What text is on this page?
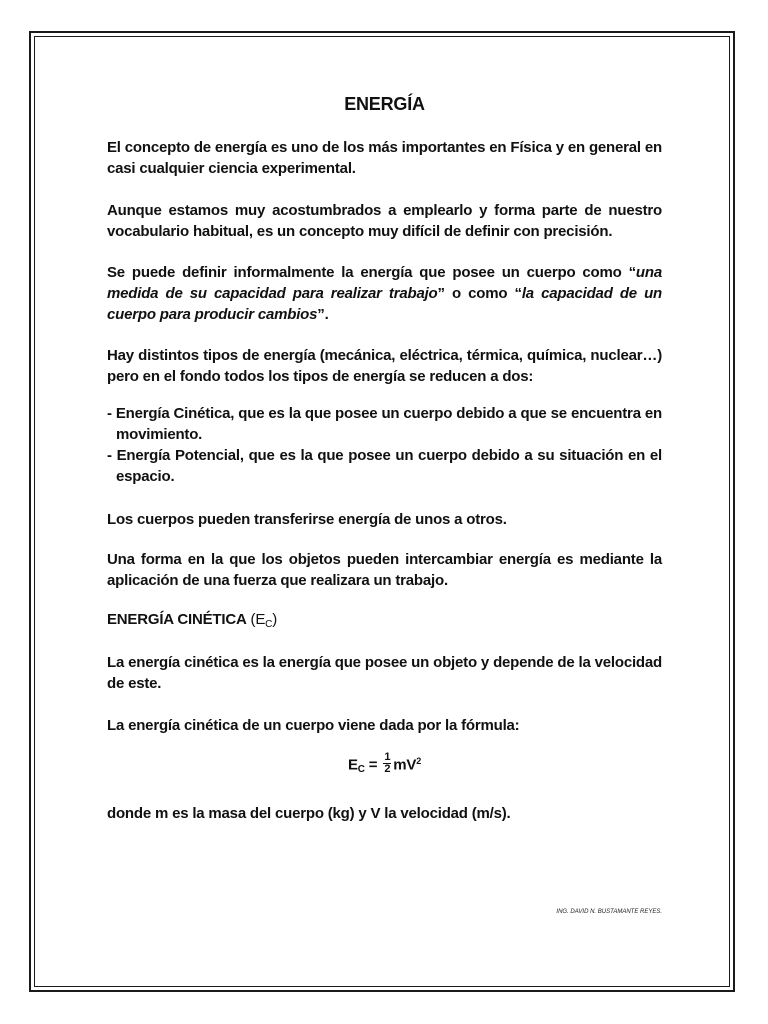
ENERGÍA

El concepto de energía es uno de los más importantes en Física y en general en casi cualquier ciencia experimental.

Aunque estamos muy acostumbrados a emplearlo y forma parte de nuestro vocabulario habitual, es un concepto muy difícil de definir con precisión.

Se puede definir informalmente la energía que posee un cuerpo como “una medida de su capacidad para realizar trabajo” o como “la capacidad de un cuerpo para producir cambios”.

Hay distintos tipos de energía (mecánica, eléctrica, térmica, química, nuclear…) pero en el fondo todos los tipos de energía se reducen a dos:

- Energía Cinética, que es la que posee un cuerpo debido a que se encuentra en movimiento.
- Energía Potencial, que es la que posee un cuerpo debido a su situación en el espacio.

Los cuerpos pueden transferirse energía de unos a otros.

Una forma en la que los objetos pueden intercambiar energía es mediante la aplicación de una fuerza que realizara un trabajo.

ENERGÍA CINÉTICA $(E_C)$

La energía cinética es la energía que posee un objeto y depende de la velocidad de este.

La energía cinética de un cuerpo viene dada por la fórmula:

$E_C = \frac{1}{2} mV^2$

donde m es la masa del cuerpo (kg) y V la velocidad (m/s).

ING. DAVID N. BUSTAMANTE REYES.
